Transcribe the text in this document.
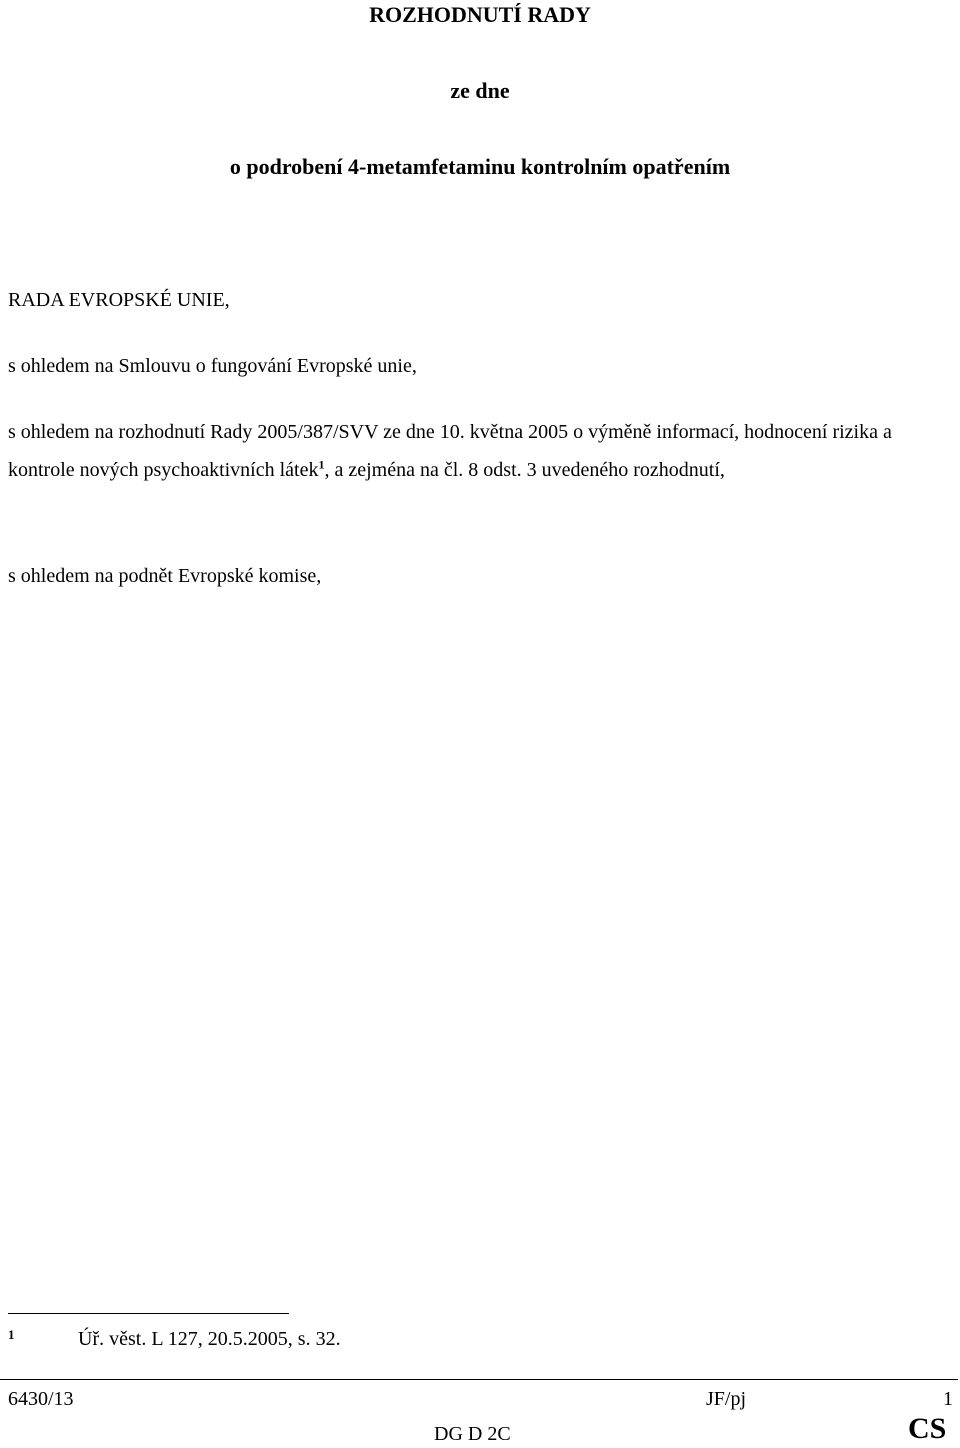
ROZHODNUTÍ RADY
ze dne
o podrobení 4-metamfetaminu kontrolním opatřením
RADA EVROPSKÉ UNIE,
s ohledem na Smlouvu o fungování Evropské unie,
s ohledem na rozhodnutí Rady 2005/387/SVV ze dne 10. května 2005 o výměně informací, hodnocení rizika a kontrole nových psychoaktivních látek$^1$, a zejména na čl. 8 odst. 3 uvedeného rozhodnutí,
s ohledem na podnět Evropské komise,
1	Úř. věst. L 127, 20.5.2005, s. 32.
6430/13	JF/pj	1
DG D 2C	CS
